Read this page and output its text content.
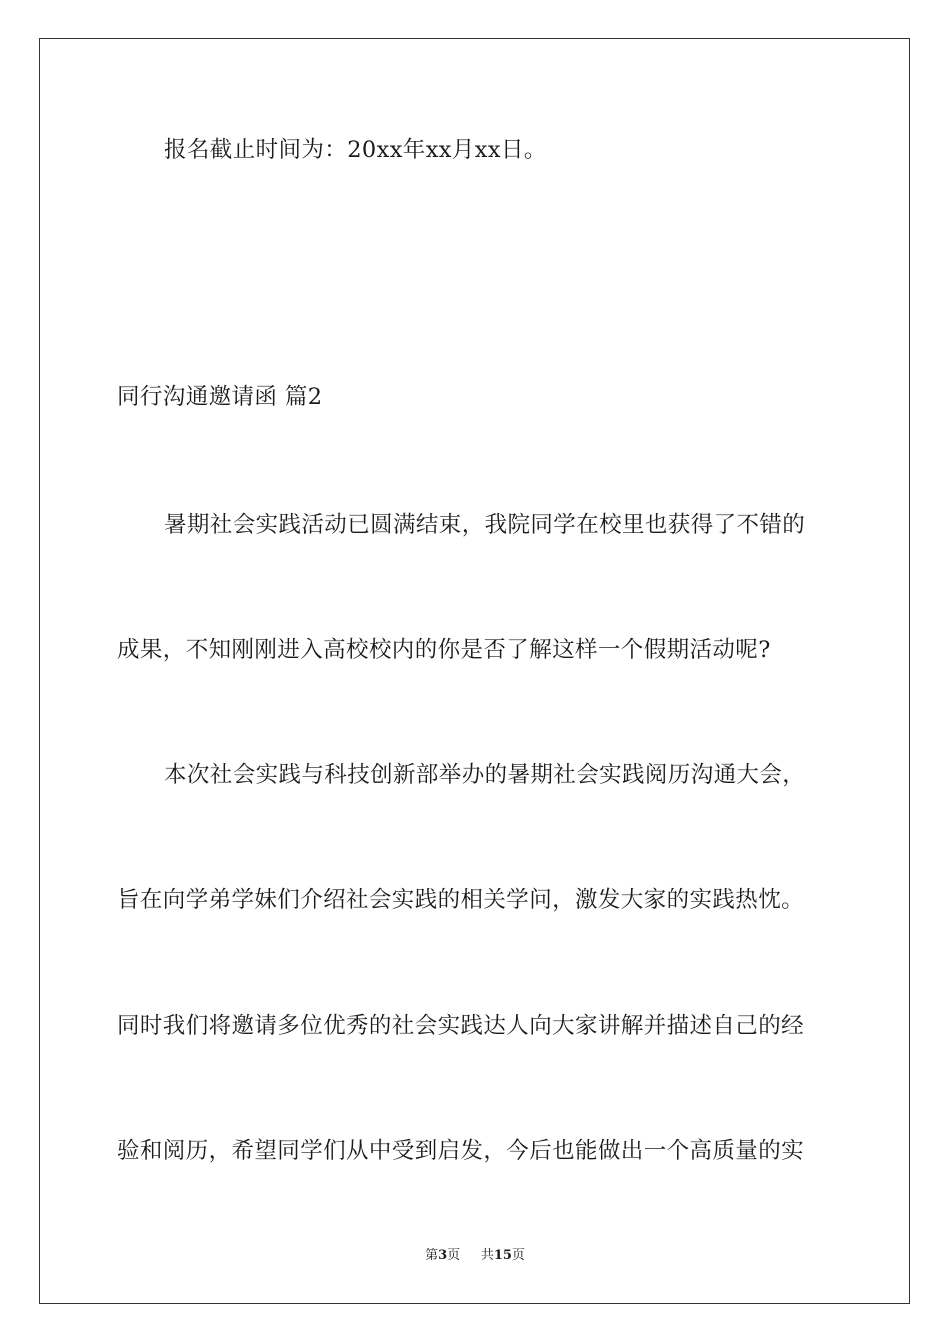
报名截止时间为：20xx年xx月xx日。
同行沟通邀请函 篇2
暑期社会实践活动已圆满结束，我院同学在校里也获得了不错的
成果，不知刚刚进入高校校内的你是否了解这样一个假期活动呢?
本次社会实践与科技创新部举办的暑期社会实践阅历沟通大会，
旨在向学弟学妹们介绍社会实践的相关学问，激发大家的实践热忱。
同时我们将邀请多位优秀的社会实践达人向大家讲解并描述自己的经
验和阅历，希望同学们从中受到启发，今后也能做出一个高质量的实
第3页 共15页
